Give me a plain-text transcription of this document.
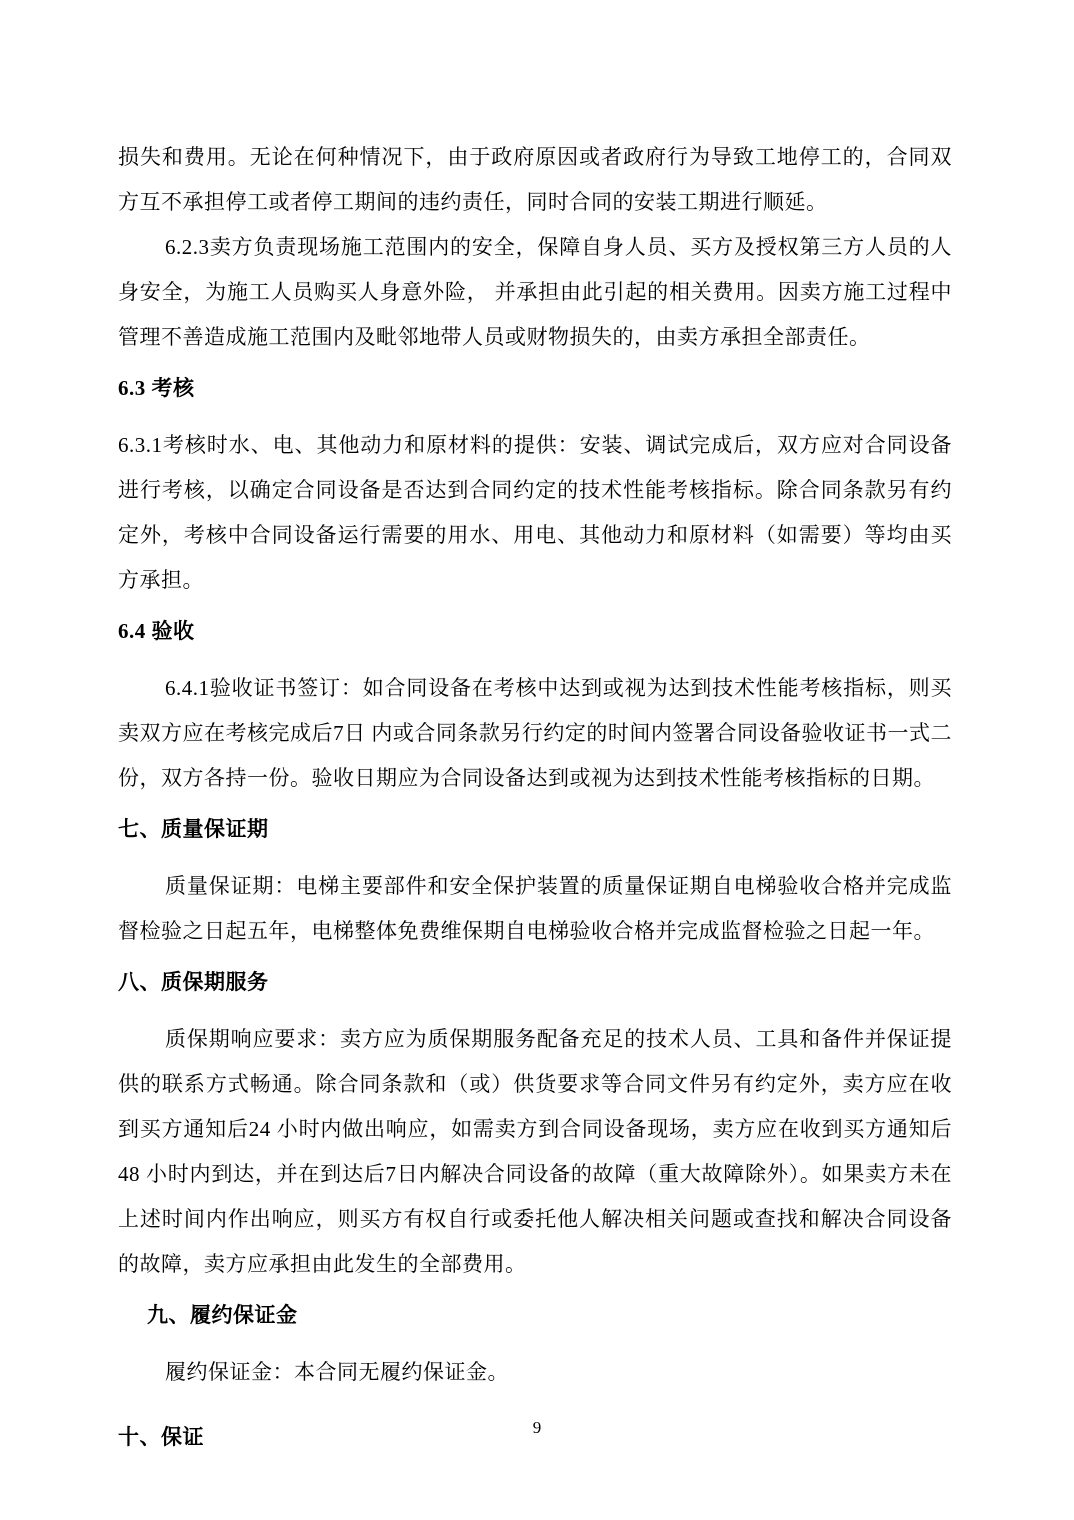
损失和费用。无论在何种情况下，由于政府原因或者政府行为导致工地停工的，合同双方互不承担停工或者停工期间的违约责任，同时合同的安装工期进行顺延。

6.2.3卖方负责现场施工范围内的安全，保障自身人员、买方及授权第三方人员的人身安全，为施工人员购买人身意外险， 并承担由此引起的相关费用。因卖方施工过程中管理不善造成施工范围内及毗邻地带人员或财物损失的，由卖方承担全部责任。

6.3 考核

6.3.1考核时水、电、其他动力和原材料的提供：安装、调试完成后，双方应对合同设备进行考核，以确定合同设备是否达到合同约定的技术性能考核指标。除合同条款另有约定外，考核中合同设备运行需要的用水、用电、其他动力和原材料（如需要）等均由买方承担。

6.4 验收

6.4.1验收证书签订：如合同设备在考核中达到或视为达到技术性能考核指标，则买卖双方应在考核完成后7日 内或合同条款另行约定的时间内签署合同设备验收证书一式二份，双方各持一份。验收日期应为合同设备达到或视为达到技术性能考核指标的日期。

七、质量保证期

质量保证期：电梯主要部件和安全保护装置的质量保证期自电梯验收合格并完成监督检验之日起五年，电梯整体免费维保期自电梯验收合格并完成监督检验之日起一年。

八、质保期服务

质保期响应要求：卖方应为质保期服务配备充足的技术人员、工具和备件并保证提供的联系方式畅通。除合同条款和（或）供货要求等合同文件另有约定外，卖方应在收到买方通知后24 小时内做出响应，如需卖方到合同设备现场，卖方应在收到买方通知后 48 小时内到达，并在到达后7日内解决合同设备的故障（重大故障除外）。如果卖方未在上述时间内作出响应，则买方有权自行或委托他人解决相关问题或查找和解决合同设备的故障，卖方应承担由此发生的全部费用。

九、履约保证金

履约保证金：本合同无履约保证金。

十、保证	9
